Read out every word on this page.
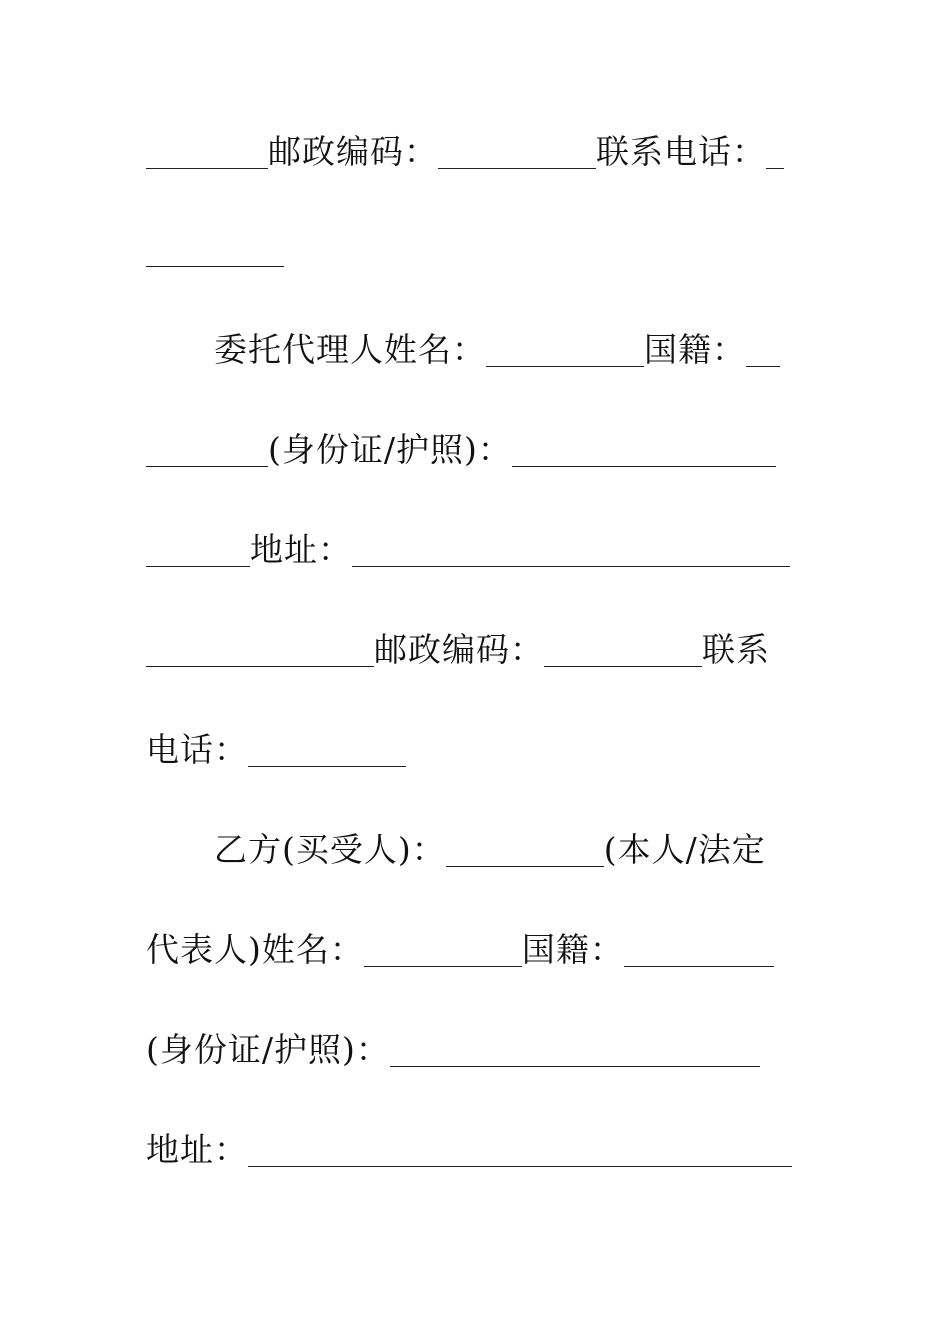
邮政编码：	联系电话：
委托代理人姓名：	国籍：
(身份证/护照)：
地址：
邮政编码：	联系
电话：
乙方(买受人)：	(本人/法定
代表人)姓名：	国籍：
(身份证/护照)：
地址：
